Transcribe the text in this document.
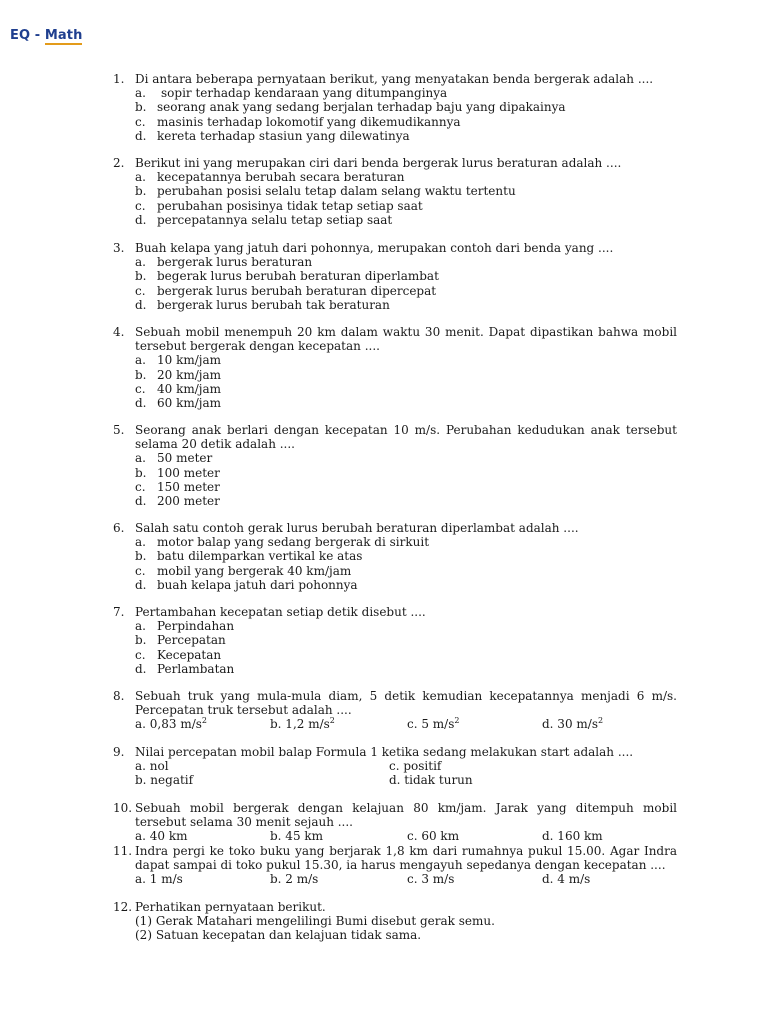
EQ - Math
1. Di antara beberapa pernyataan berikut, yang menyatakan benda bergerak adalah ....
a.	sopir terhadap kendaraan yang ditumpanginya
b. seorang anak yang sedang berjalan terhadap baju yang dipakainya
c. masinis terhadap lokomotif yang dikemudikannya
d. kereta terhadap stasiun yang dilewatinya
2. Berikut ini yang merupakan ciri dari benda bergerak lurus beraturan adalah ....
a. kecepatannya berubah secara beraturan
b. perubahan posisi selalu tetap dalam selang waktu tertentu
c. perubahan posisinya tidak tetap setiap saat
d. percepatannya selalu tetap setiap saat
3. Buah kelapa yang jatuh dari pohonnya, merupakan contoh dari benda yang ....
a. bergerak lurus beraturan
b. begerak lurus berubah beraturan diperlambat
c. bergerak lurus berubah beraturan dipercepat
d. bergerak lurus berubah tak beraturan
4. Sebuah mobil menempuh 20 km dalam waktu 30 menit. Dapat dipastikan bahwa mobil tersebut bergerak dengan kecepatan ....
a. 10 km/jam
b. 20 km/jam
c. 40 km/jam
d. 60 km/jam
5. Seorang anak berlari dengan kecepatan 10 m/s. Perubahan kedudukan anak tersebut selama 20 detik adalah ....
a. 50 meter
b. 100 meter
c. 150 meter
d. 200 meter
6. Salah satu contoh gerak lurus berubah beraturan diperlambat adalah ....
a. motor balap yang sedang bergerak di sirkuit
b. batu dilemparkan vertikal ke atas
c. mobil yang bergerak 40 km/jam
d. buah kelapa jatuh dari pohonnya
7. Pertambahan kecepatan setiap detik disebut ....
a. Perpindahan
b. Percepatan
c. Kecepatan
d. Perlambatan
8. Sebuah truk yang mula-mula diam, 5 detik kemudian kecepatannya menjadi 6 m/s. Percepatan truk tersebut adalah ....
a. 0,83 $m/s^2$	b. 1,2 $m/s^2$	c. 5 $m/s^2$	d. 30 $m/s^2$
9. Nilai percepatan mobil balap Formula 1 ketika sedang melakukan start adalah ....
a. nol	c. positif
b. negatif	d. tidak turun
10. Sebuah mobil bergerak dengan kelajuan 80 km/jam. Jarak yang ditempuh mobil tersebut selama 30 menit sejauh ....
a. 40 km	b. 45 km	c. 60 km	d. 160 km
11. Indra pergi ke toko buku yang berjarak 1,8 km dari rumahnya pukul 15.00. Agar Indra dapat sampai di toko pukul 15.30, ia harus mengayuh sepedanya dengan kecepatan ....
a. 1 m/s	b. 2 m/s	c. 3 m/s	d. 4 m/s
12. Perhatikan pernyataan berikut.
(1) Gerak Matahari mengelilingi Bumi disebut gerak semu.
(2) Satuan kecepatan dan kelajuan tidak sama.
